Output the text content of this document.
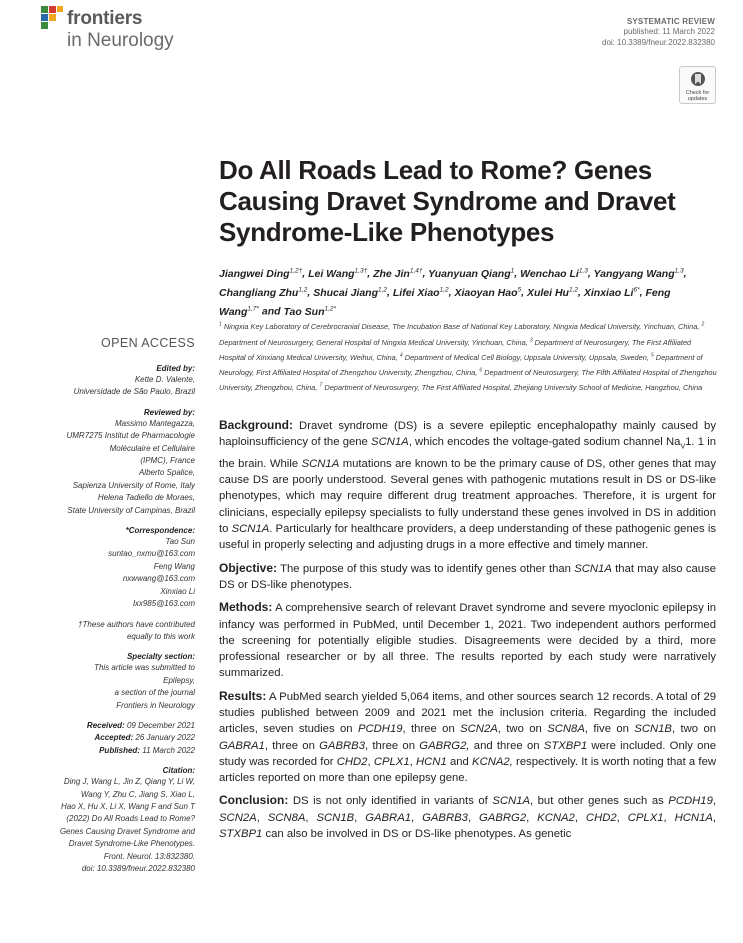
frontiers
in Neurology
SYSTEMATIC REVIEW
published: 11 March 2022
doi: 10.3389/fneur.2022.832380
Check for updates
Do All Roads Lead to Rome? Genes Causing Dravet Syndrome and Dravet Syndrome-Like Phenotypes
Jiangwei Ding$^{1,2\dagger}$, Lei Wang$^{1,3\dagger}$, Zhe Jin$^{1,4\dagger}$, Yuanyuan Qiang$^1$, Wenchao Li$^{1,3}$, Yangyang Wang$^{1,3}$, Changliang Zhu$^{1,2}$, Shucai Jiang$^{1,2}$, Lifei Xiao$^{1,2}$, Xiaoyan Hao$^5$, Xulei Hu$^{1,2}$, Xinxiao $Li^{6*}$, Feng Wang$^{1,7*}$ and Tao Sun$^{1,2*}$
$^1$ Ningxia Key Laboratory of Cerebrocranial Disease, The Incubation Base of National Key Laboratory, Ningxia Medical University, Yinchuan, China, $^2$ Department of Neurosurgery, General Hospital of Ningxia Medical University, Yinchuan, China, $^3$ Department of Neurosurgery, The First Affiliated Hospital of Xinxiang Medical University, Weihui, China, $^4$ Department of Medical Cell Biology, Uppsala University, Uppsala, Sweden, $^5$ Department of Neurology, First Affiliated Hospital of Zhengzhou University, Zhengzhou, China, $^6$ Department of Neurosurgery, The Fifth Affiliated Hospital of Zhengzhou University, Zhengzhou, China, $^7$ Department of Neurosurgery, The First Affiliated Hospital, Zhejiang University School of Medicine, Hangzhou, China
OPEN ACCESS
Edited by:
Kette D. Valente,
Universidade de São Paulo, Brazil
Reviewed by:
Massimo Mantegazza,
UMR7275 Institut de Pharmacologie
Moléculaire et Cellulaire
(IPMC), France
Alberto Spalice,
Sapienza University of Rome, Italy
Helena Tadiello de Moraes,
State University of Campinas, Brazil
*Correspondence:
Tao Sun
suntao_nxmu@163.com
Feng Wang
nxwwang@163.com
Xinxiao Li
lxx985@163.com
†These authors have contributed
equally to this work
Specialty section:
This article was submitted to
Epilepsy,
a section of the journal
Frontiers in Neurology
Received: 09 December 2021
Accepted: 26 January 2022
Published: 11 March 2022
Citation:
Ding J, Wang L, Jin Z, Qiang Y, Li W,
Wang Y, Zhu C, Jiang S, Xiao L,
Hao X, Hu X, Li X, Wang F and Sun T
(2022) Do All Roads Lead to Rome?
Genes Causing Dravet Syndrome and
Dravet Syndrome-Like Phenotypes.
Front. Neurol. 13:832380.
doi: 10.3389/fneur.2022.832380

Background: Dravet syndrome (DS) is a severe epileptic encephalopathy mainly caused by haploinsufficiency of the gene SCN1A, which encodes the voltage-gated sodium channel $Na_V1$. 1 in the brain. While SCN1A mutations are known to be the primary cause of DS, other genes that may cause DS are poorly understood. Several genes with pathogenic mutations result in DS or DS-like phenotypes, which may require different drug treatment approaches. Therefore, it is urgent for clinicians, especially epilepsy specialists to fully understand these genes involved in DS in addition to SCN1A. Particularly for healthcare providers, a deep understanding of these pathogenic genes is useful in properly selecting and adjusting drugs in a more effective and timely manner.

Objective: The purpose of this study was to identify genes other than SCN1A that may also cause DS or DS-like phenotypes.

Methods: A comprehensive search of relevant Dravet syndrome and severe myoclonic epilepsy in infancy was performed in PubMed, until December 1, 2021. Two independent authors performed the screening for potentially eligible studies. Disagreements were decided by a third, more professional researcher or by all three. The results reported by each study were narratively summarized.

Results: A PubMed search yielded 5,064 items, and other sources search 12 records. A total of 29 studies published between 2009 and 2021 met the inclusion criteria. Regarding the included articles, seven studies on PCDH19, three on SCN2A, two on SCN8A, five on SCN1B, two on GABRA1, three on GABRB3, three on GABRG2, and three on STXBP1 were included. Only one study was recorded for CHD2, CPLX1, HCN1 and KCNA2, respectively. It is worth noting that a few articles reported on more than one epilepsy gene.

Conclusion: DS is not only identified in variants of SCN1A, but other genes such as PCDH19, SCN2A, SCN8A, SCN1B, GABRA1, GABRB3, GABRG2, KCNA2, CHD2, CPLX1, HCN1A, STXBP1 can also be involved in DS or DS-like phenotypes. As genetic
